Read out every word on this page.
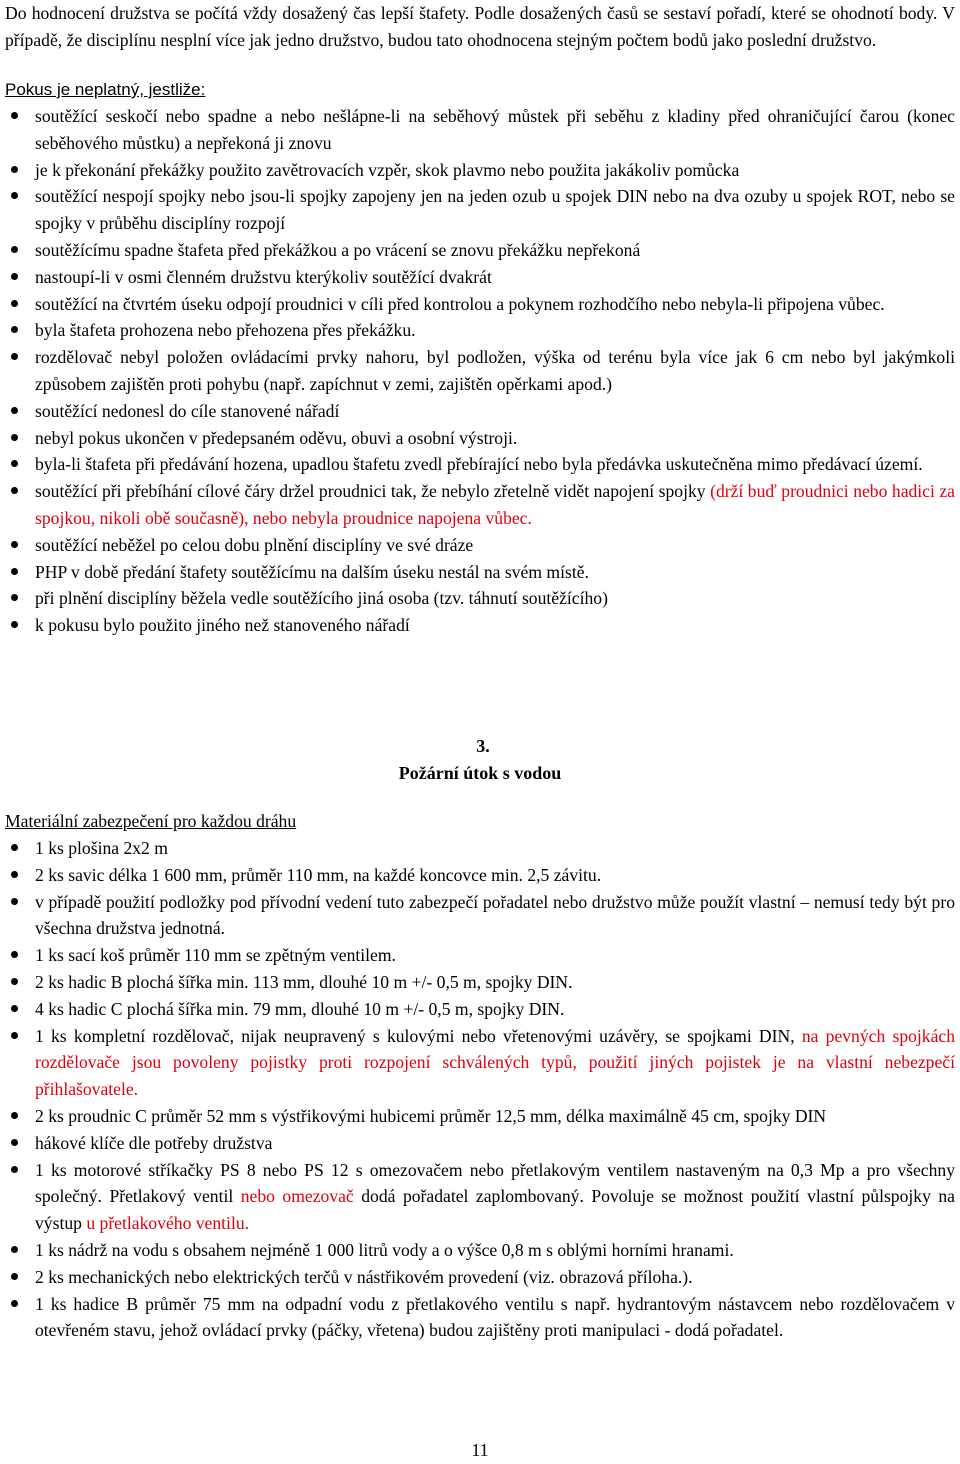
Do hodnocení družstva se počítá vždy dosažený čas lepší štafety. Podle dosažených časů se sestaví pořadí, které se ohodnotí body. V případě, že disciplínu nesplní více jak jedno družstvo, budou tato ohodnocena stejným počtem bodů jako poslední družstvo.

Pokus je neplatný, jestliže:

soutěžící seskočí nebo spadne a nebo nešlápne-li na seběhový můstek při seběhu z kladiny před ohraničující čarou (konec seběhového můstku) a nepřekoná ji znovu
je k překonání překážky použito zavětrovacích vzpěr, skok plavmo nebo použita jakákoliv pomůcka
soutěžící nespojí spojky nebo jsou-li spojky zapojeny jen na jeden ozub u spojek DIN nebo na dva ozuby u spojek ROT, nebo se spojky v průběhu disciplíny rozpojí
soutěžícímu spadne štafeta před překážkou a po vrácení se znovu překážku nepřekoná
nastoupí-li v osmi členném družstvu kterýkoliv soutěžící dvakrát
soutěžící na čtvrtém úseku odpojí proudnici v cíli před kontrolou a pokynem rozhodčího nebo nebyla-li připojena vůbec.
byla štafeta prohozena nebo přehozena přes překážku.
rozdělovač nebyl položen ovládacími prvky nahoru, byl podložen, výška od terénu byla více jak 6 cm nebo byl jakýmkoli způsobem zajištěn proti pohybu (např. zapíchnut v zemi, zajištěn opěrkami apod.)
soutěžící nedonesl do cíle stanovené nářadí
nebyl pokus ukončen v předepsaném oděvu, obuvi a osobní výstroji.
byla-li štafeta při předávání hozena, upadlou štafetu zvedl přebírající nebo byla předávka uskutečněna mimo předávací území.
soutěžící při přebíhání cílové čáry držel proudnici tak, že nebylo zřetelně vidět napojení spojky (drží buď proudnici nebo hadici za spojkou, nikoli obě současně), nebo nebyla proudnice napojena vůbec.
soutěžící neběžel po celou dobu plnění disciplíny ve své dráze
PHP v době předání štafety soutěžícímu na dalším úseku nestál na svém místě.
při plnění disciplíny běžela vedle soutěžícího jiná osoba (tzv. táhnutí soutěžícího)
k pokusu bylo použito jiného než stanoveného nářadí

3.

Požární útok s vodou

Materiální zabezpečení pro každou dráhu

1 ks plošina 2x2 m
2 ks savic délka 1 600 mm, průměr 110 mm, na každé koncovce min. 2,5 závitu.
v případě použití podložky pod přívodní vedení tuto zabezpečí pořadatel nebo družstvo může použít vlastní – nemusí tedy být pro všechna družstva jednotná.
1 ks sací koš průměr 110 mm se zpětným ventilem.
2 ks hadic B plochá šířka min. 113 mm, dlouhé 10 m +/- 0,5 m, spojky DIN.
4 ks hadic C plochá šířka min. 79 mm, dlouhé 10 m +/- 0,5 m, spojky DIN.
1 ks kompletní rozdělovač, nijak neupravený s kulovými nebo vřetenovými uzávěry, se spojkami DIN, na pevných spojkách rozdělovače jsou povoleny pojistky proti rozpojení schválených typů, použití jiných pojistek je na vlastní nebezpečí přihlašovatele.
2 ks proudnic C průměr 52 mm s výstřikovými hubicemi průměr 12,5 mm, délka maximálně 45 cm, spojky DIN
hákové klíče dle potřeby družstva
1 ks motorové stříkačky PS 8 nebo PS 12 s omezovačem nebo přetlakovým ventilem nastaveným na 0,3 Mp a pro všechny společný. Přetlakový ventil nebo omezovač dodá pořadatel zaplombovaný. Povoluje se možnost použití vlastní půlspojky na výstup u přetlakového ventilu.
1 ks nádrž na vodu s obsahem nejméně 1 000 litrů vody a o výšce 0,8 m s oblými horními hranami.
2 ks mechanických nebo elektrických terčů v nástřikovém provedení (viz. obrazová příloha.).
1 ks hadice B průměr 75 mm na odpadní vodu z přetlakového ventilu s např. hydrantovým nástavcem nebo rozdělovačem v otevřeném stavu, jehož ovládací prvky (páčky, vřetena) budou zajištěny proti manipulaci - dodá pořadatel.

11
